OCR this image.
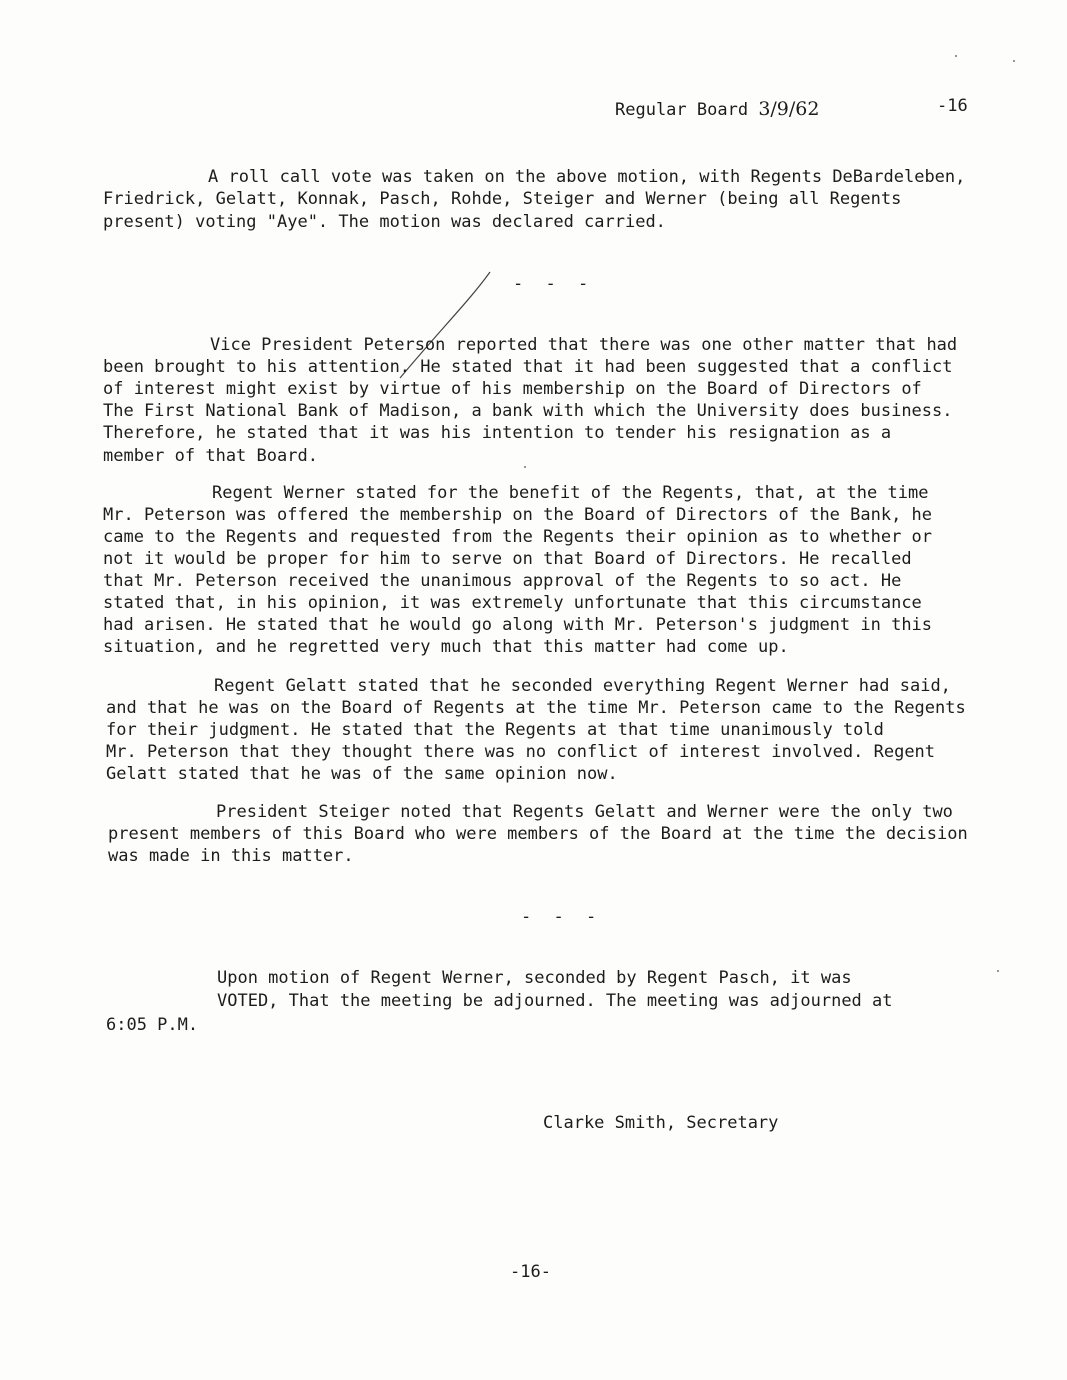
Regular Board 3/9/62	-16
A roll call vote was taken on the above motion, with Regents DeBardeleben,
Friedrick, Gelatt, Konnak, Pasch, Rohde, Steiger and Werner (being all Regents
present) voting "Aye". The motion was declared carried.
- - -
Vice President Peterson reported that there was one other matter that had
been brought to his attention. He stated that it had been suggested that a conflict
of interest might exist by virtue of his membership on the Board of Directors of
The First National Bank of Madison, a bank with which the University does business.
Therefore, he stated that it was his intention to tender his resignation as a
member of that Board.
Regent Werner stated for the benefit of the Regents, that, at the time
Mr. Peterson was offered the membership on the Board of Directors of the Bank, he
came to the Regents and requested from the Regents their opinion as to whether or
not it would be proper for him to serve on that Board of Directors. He recalled
that Mr. Peterson received the unanimous approval of the Regents to so act. He
stated that, in his opinion, it was extremely unfortunate that this circumstance
had arisen. He stated that he would go along with Mr. Peterson's judgment in this
situation, and he regretted very much that this matter had come up.
Regent Gelatt stated that he seconded everything Regent Werner had said,
and that he was on the Board of Regents at the time Mr. Peterson came to the Regents
for their judgment. He stated that the Regents at that time unanimously told
Mr. Peterson that they thought there was no conflict of interest involved. Regent
Gelatt stated that he was of the same opinion now.
President Steiger noted that Regents Gelatt and Werner were the only two
present members of this Board who were members of the Board at the time the decision
was made in this matter.
- - -
Upon motion of Regent Werner, seconded by Regent Pasch, it was
VOTED, That the meeting be adjourned. The meeting was adjourned at
6:05 P.M.
Clarke Smith, Secretary
-16-
